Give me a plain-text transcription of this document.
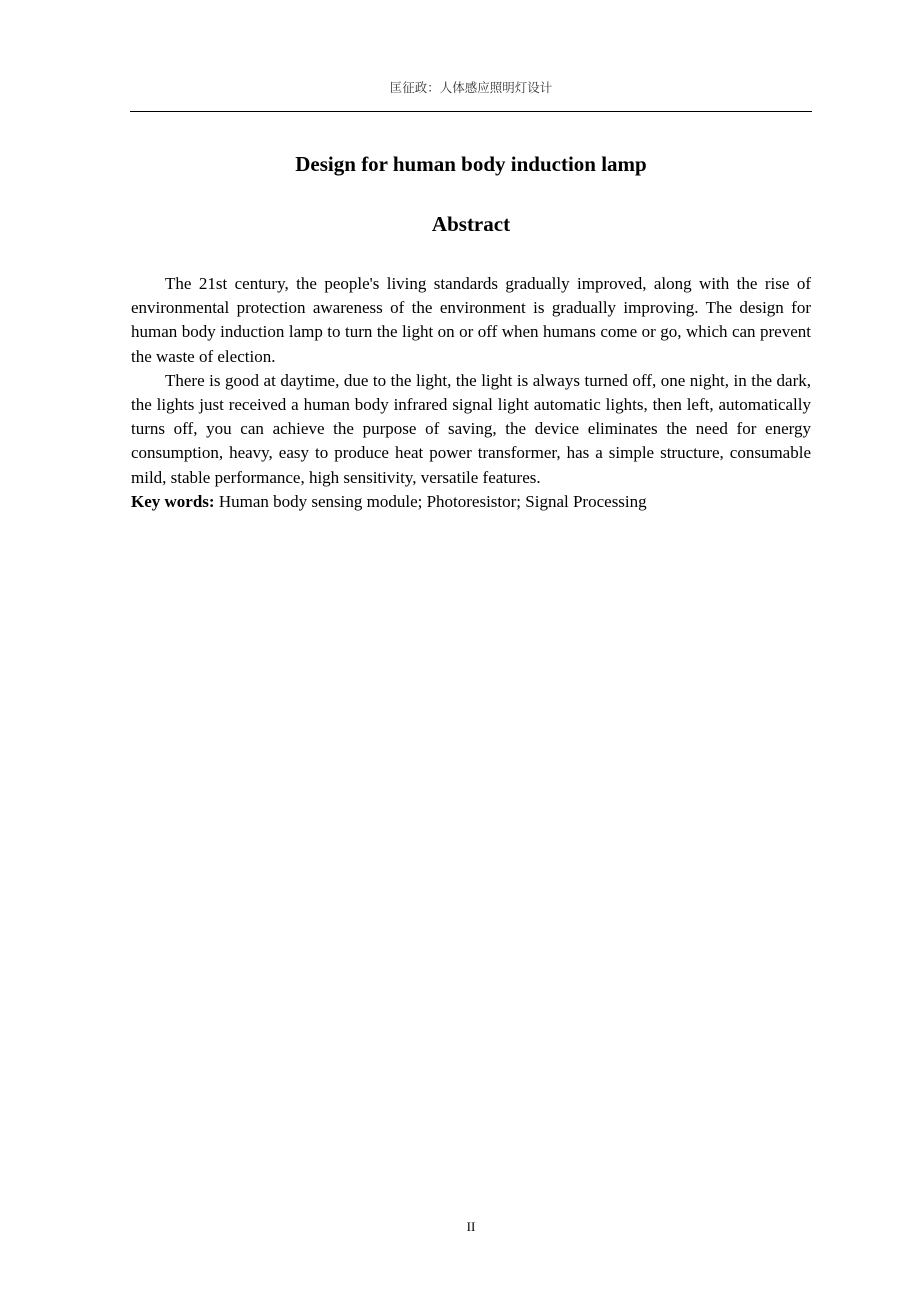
匡征政：人体感应照明灯设计
Design for human body induction lamp
Abstract

The 21st century, the people's living standards gradually improved, along with the rise of environmental protection awareness of the environment is gradually improving. The design for human body induction lamp to turn the light on or off when humans come or go, which can prevent the waste of election.

There is good at daytime, due to the light, the light is always turned off, one night, in the dark, the lights just received a human body infrared signal light automatic lights, then left, automatically turns off, you can achieve the purpose of saving, the device eliminates the need for energy consumption, heavy, easy to produce heat power transformer, has a simple structure, consumable mild, stable performance, high sensitivity, versatile features.

Key words: Human body sensing module; Photoresistor; Signal Processing

II
